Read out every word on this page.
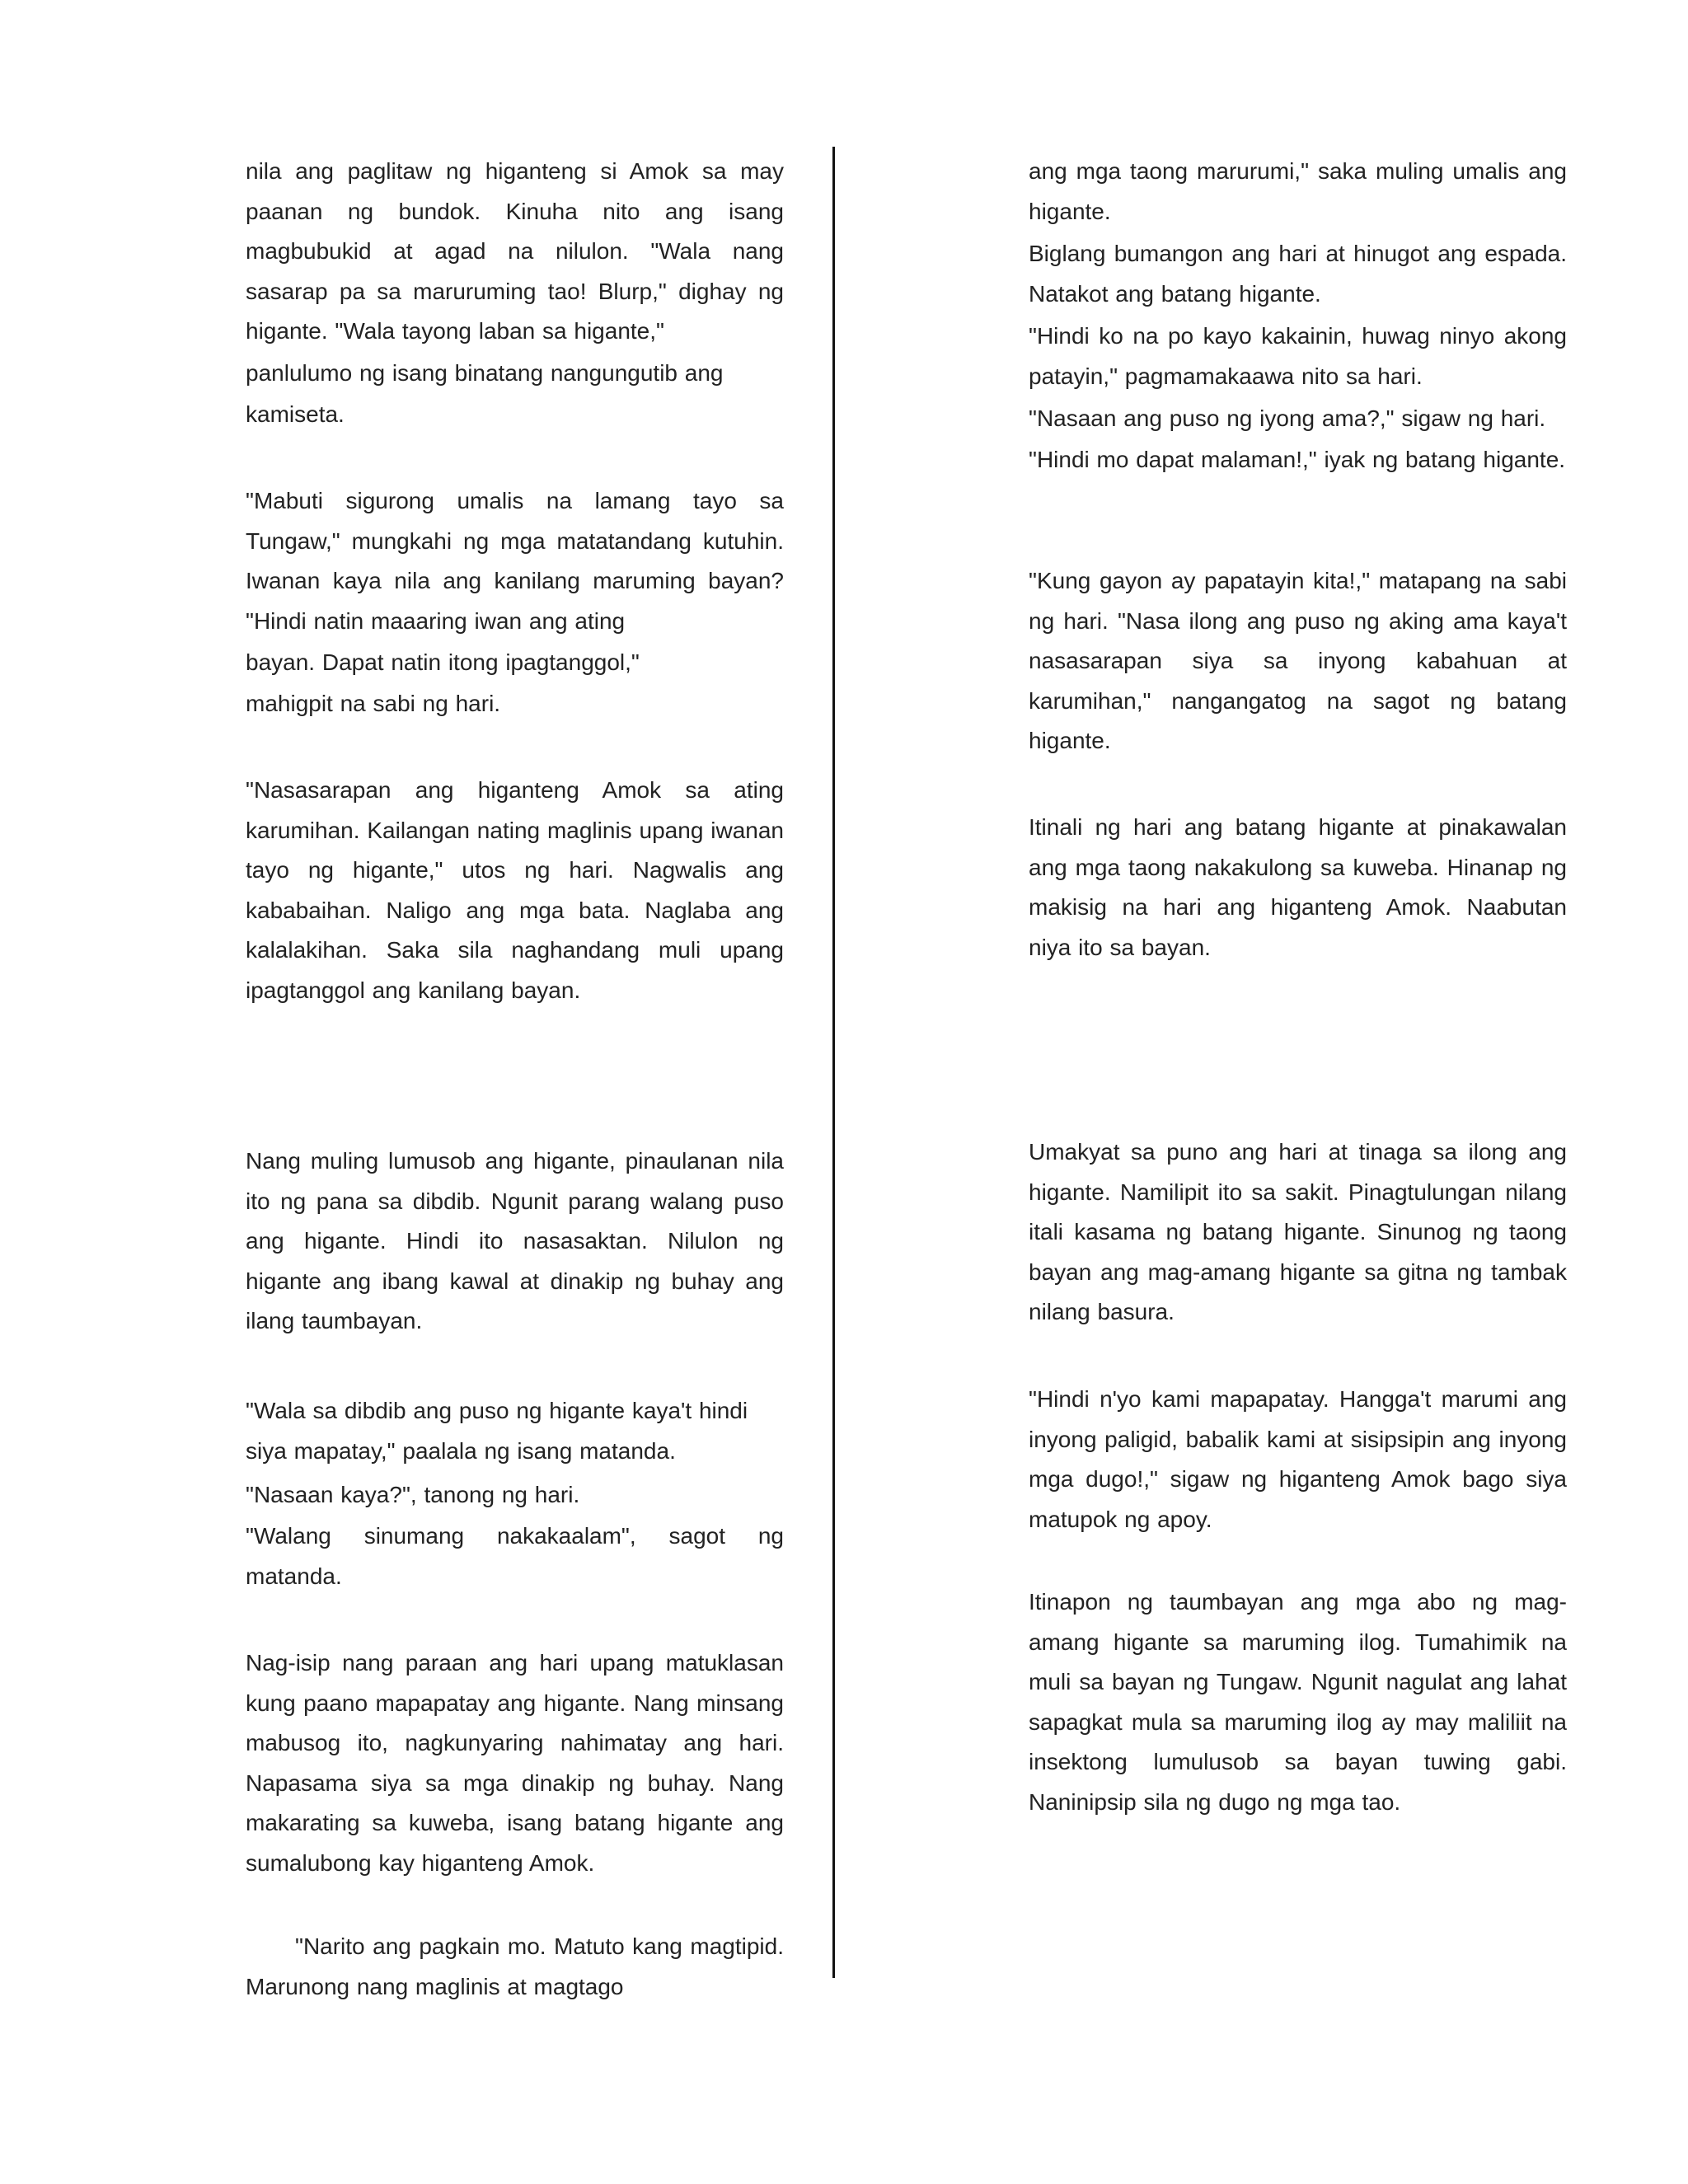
nila ang paglitaw ng higanteng si Amok sa may paanan ng bundok. Kinuha nito ang isang magbubukid at agad na nilulon. "Wala nang sasarap pa sa maruruming tao! Blurp," dighay ng higante. "Wala tayong laban sa higante,"

panlulumo ng isang binatang nangungutib ang

kamiseta.

"Mabuti sigurong umalis na lamang tayo sa Tungaw," mungkahi ng mga matatandang kutuhin. Iwanan kaya nila ang kanilang maruming bayan? "Hindi natin maaaring iwan ang ating

bayan. Dapat natin itong ipagtanggol,"

mahigpit na sabi ng hari.

"Nasasarapan ang higanteng Amok sa ating karumihan. Kailangan nating maglinis upang iwanan tayo ng higante," utos ng hari. Nagwalis ang kababaihan. Naligo ang mga bata. Naglaba ang kalalakihan. Saka sila naghandang muli upang ipagtanggol ang kanilang bayan.

Nang muling lumusob ang higante, pinaulanan nila ito ng pana sa dibdib. Ngunit parang walang puso ang higante. Hindi ito nasasaktan. Nilulon ng higante ang ibang kawal at dinakip ng buhay ang ilang taumbayan.

"Wala sa dibdib ang puso ng higante kaya't hindi siya mapatay," paalala ng isang matanda.

"Nasaan kaya?", tanong ng hari.

"Walang sinumang nakakaalam", sagot ng matanda.

Nag-isip nang paraan ang hari upang matuklasan kung paano mapapatay ang higante. Nang minsang mabusog ito, nagkunyaring nahimatay ang hari. Napasama siya sa mga dinakip ng buhay. Nang makarating sa kuweba, isang batang higante ang sumalubong kay higanteng Amok.

"Narito ang pagkain mo. Matuto kang magtipid. Marunong nang maglinis at magtago

ang mga taong marurumi," saka muling umalis ang higante.

Biglang bumangon ang hari at hinugot ang espada. Natakot ang batang higante.

"Hindi ko na po kayo kakainin, huwag ninyo akong patayin," pagmamakaawa nito sa hari.

"Nasaan ang puso ng iyong ama?," sigaw ng hari.

"Hindi mo dapat malaman!," iyak ng batang higante.

"Kung gayon ay papatayin kita!," matapang na sabi ng hari. "Nasa ilong ang puso ng aking ama kaya't nasasarapan siya sa inyong kabahuan at karumihan," nangangatog na sagot ng batang higante.

Itinali ng hari ang batang higante at pinakawalan ang mga taong nakakulong sa kuweba. Hinanap ng makisig na hari ang higanteng Amok. Naabutan niya ito sa bayan.

Umakyat sa puno ang hari at tinaga sa ilong ang higante. Namilipit ito sa sakit. Pinagtulungan nilang itali kasama ng batang higante. Sinunog ng taong bayan ang mag-amang higante sa gitna ng tambak nilang basura.

"Hindi n'yo kami mapapatay. Hangga't marumi ang inyong paligid, babalik kami at sisipsipin ang inyong mga dugo!," sigaw ng higanteng Amok bago siya matupok ng apoy.

Itinapon ng taumbayan ang mga abo ng mag-amang higante sa maruming ilog. Tumahimik na muli sa bayan ng Tungaw. Ngunit nagulat ang lahat sapagkat mula sa maruming ilog ay may maliliit na insektong lumulusob sa bayan tuwing gabi. Naninipsip sila ng dugo ng mga tao.
